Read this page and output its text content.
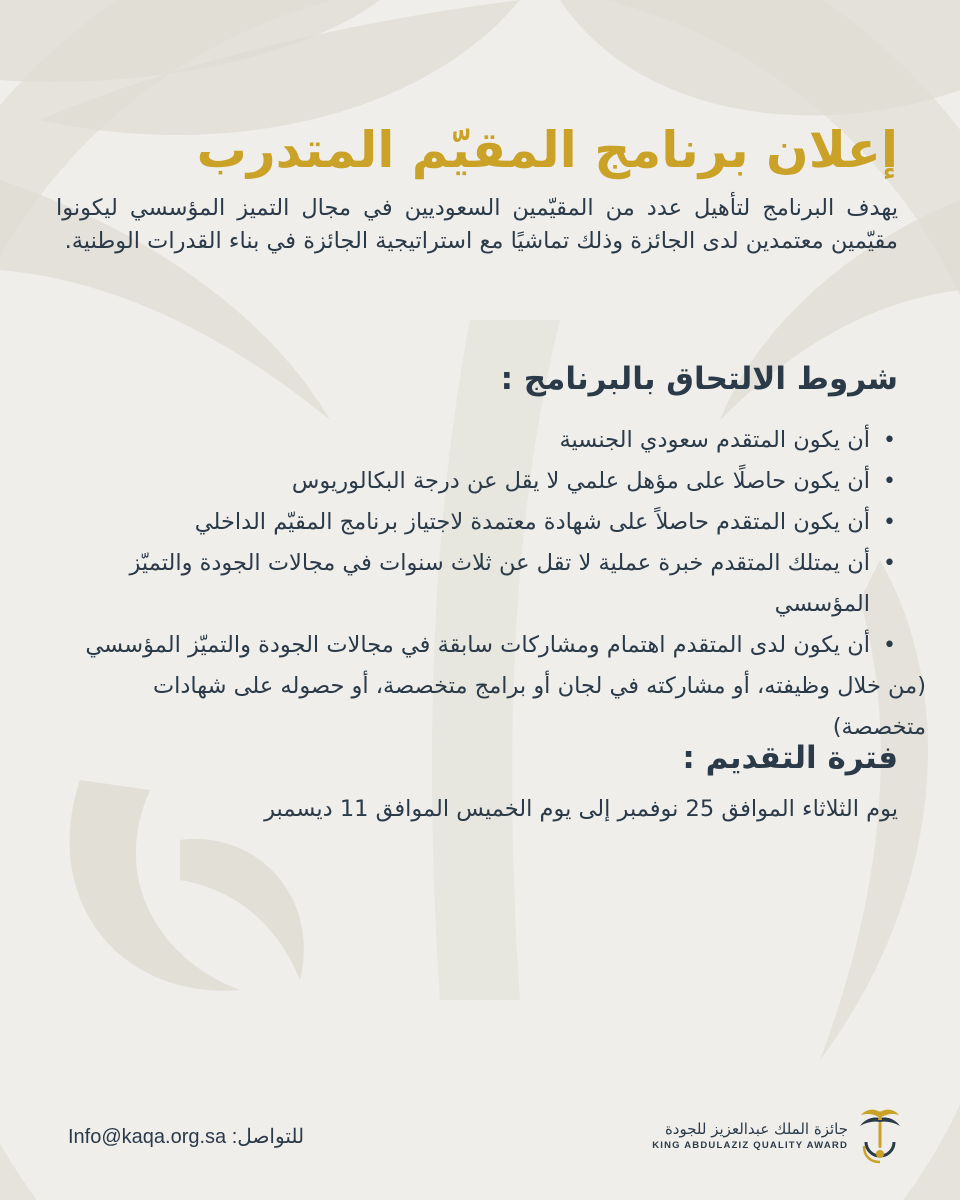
إعلان برنامج المقيّم المتدرب

يهدف البرنامج لتأهيل عدد من المقيّمين السعوديين في مجال التميز المؤسسي ليكونوا مقيّمين معتمدين لدى الجائزة وذلك تماشيًا مع استراتيجية الجائزة في بناء القدرات الوطنية.

شروط الالتحاق بالبرنامج :
•
أن يكون المتقدم سعودي الجنسية
•
أن يكون حاصلًا على مؤهل علمي لا يقل عن درجة البكالوريوس
•
أن يكون المتقدم حاصلاً على شهادة معتمدة لاجتياز برنامج المقيّم الداخلي
•
أن يمتلك المتقدم خبرة عملية لا تقل عن ثلاث سنوات في مجالات الجودة والتميّز المؤسسي
•
أن يكون لدى المتقدم اهتمام ومشاركات سابقة في مجالات الجودة والتميّز المؤسسي
(من خلال وظيفته، أو مشاركته في لجان أو برامج متخصصة، أو حصوله على شهادات متخصصة)
فترة التقديم :

يوم الثلاثاء الموافق 25 نوفمبر إلى يوم الخميس الموافق 11 ديسمبر

Info@kaqa.org.sa للتواصل:	جائزة الملك عبدالعزيز للجودة
KING ABDULAZIZ QUALITY AWARD
